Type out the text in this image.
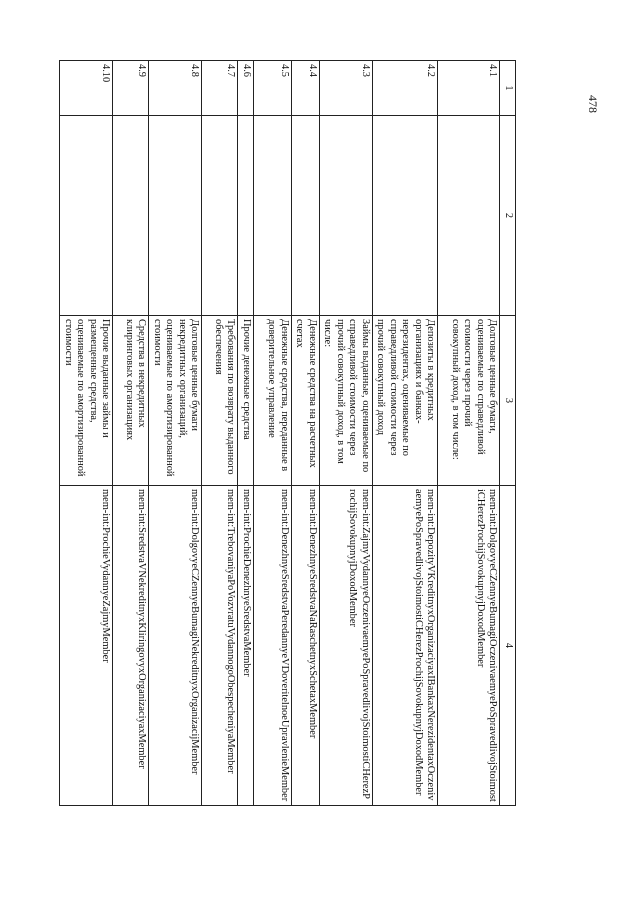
478
1	2	3	4
4.1		Долговые ценные бумаги, оцениваемые по справедливой стоимости через прочий совокупный доход, в том числе:	mem-int:DolgovyeCZennyeBumagiOczenivaemyePoSpravedlivojStoimostiCHerezProchijSovokupnyjDoxodMember
4.2		Депозиты в кредитных организациях и банках-нерезидентах, оцениваемые по справедливой стоимости через прочий совокупный доход	mem-int:DepozityVKreditnyxOrganizaciyaxIBankaxNerezidentaxOczenivaemyePoSpravedlivojStoimostiCHerezProchijSovokupnyjDoxodMember
4.3		Займы выданные, оцениваемые по справедливой стоимости через прочий совокупный доход, в том числе:	mem-int:ZajmyVydannyeOczenivaemyePoSpravedlivojStoimostiCHerezProchijSovokupnyjDoxodMember
4.4		Денежные средства на расчетных счетах	mem-int:DenezhnyeSredstvaNaRaschetnyxSchetaxMember
4.5		Денежные средства, переданные в доверительное управление	mem-int:DenezhnyeSredstvaPeredannyeVDoveritelnoeUpravlenieMember
4.6		Прочие денежные средства	mem-int:ProchieDenezhnyeSredstvaMember
4.7		Требования по возврату выданного обеспечения	mem-int:TrebovaniyaPoVozvratuVydannogoObespecheniyaMember
4.8		Долговые ценные бумаги некредитных организаций, оцениваемые по амортизированной стоимости	mem-int:DolgovyeCZennyeBumagiNekreditnyxOrganizacijMember
4.9		Средства в некредитных клиринговых организациях	mem-int:SredstvaVNekreditnyxKliringovyxOrganizaciyaxMember
4.10		Прочие выданные займы и размещенные средства, оцениваемые по амортизированной стоимости	mem-int:ProchieVydannyeZajmyMember
